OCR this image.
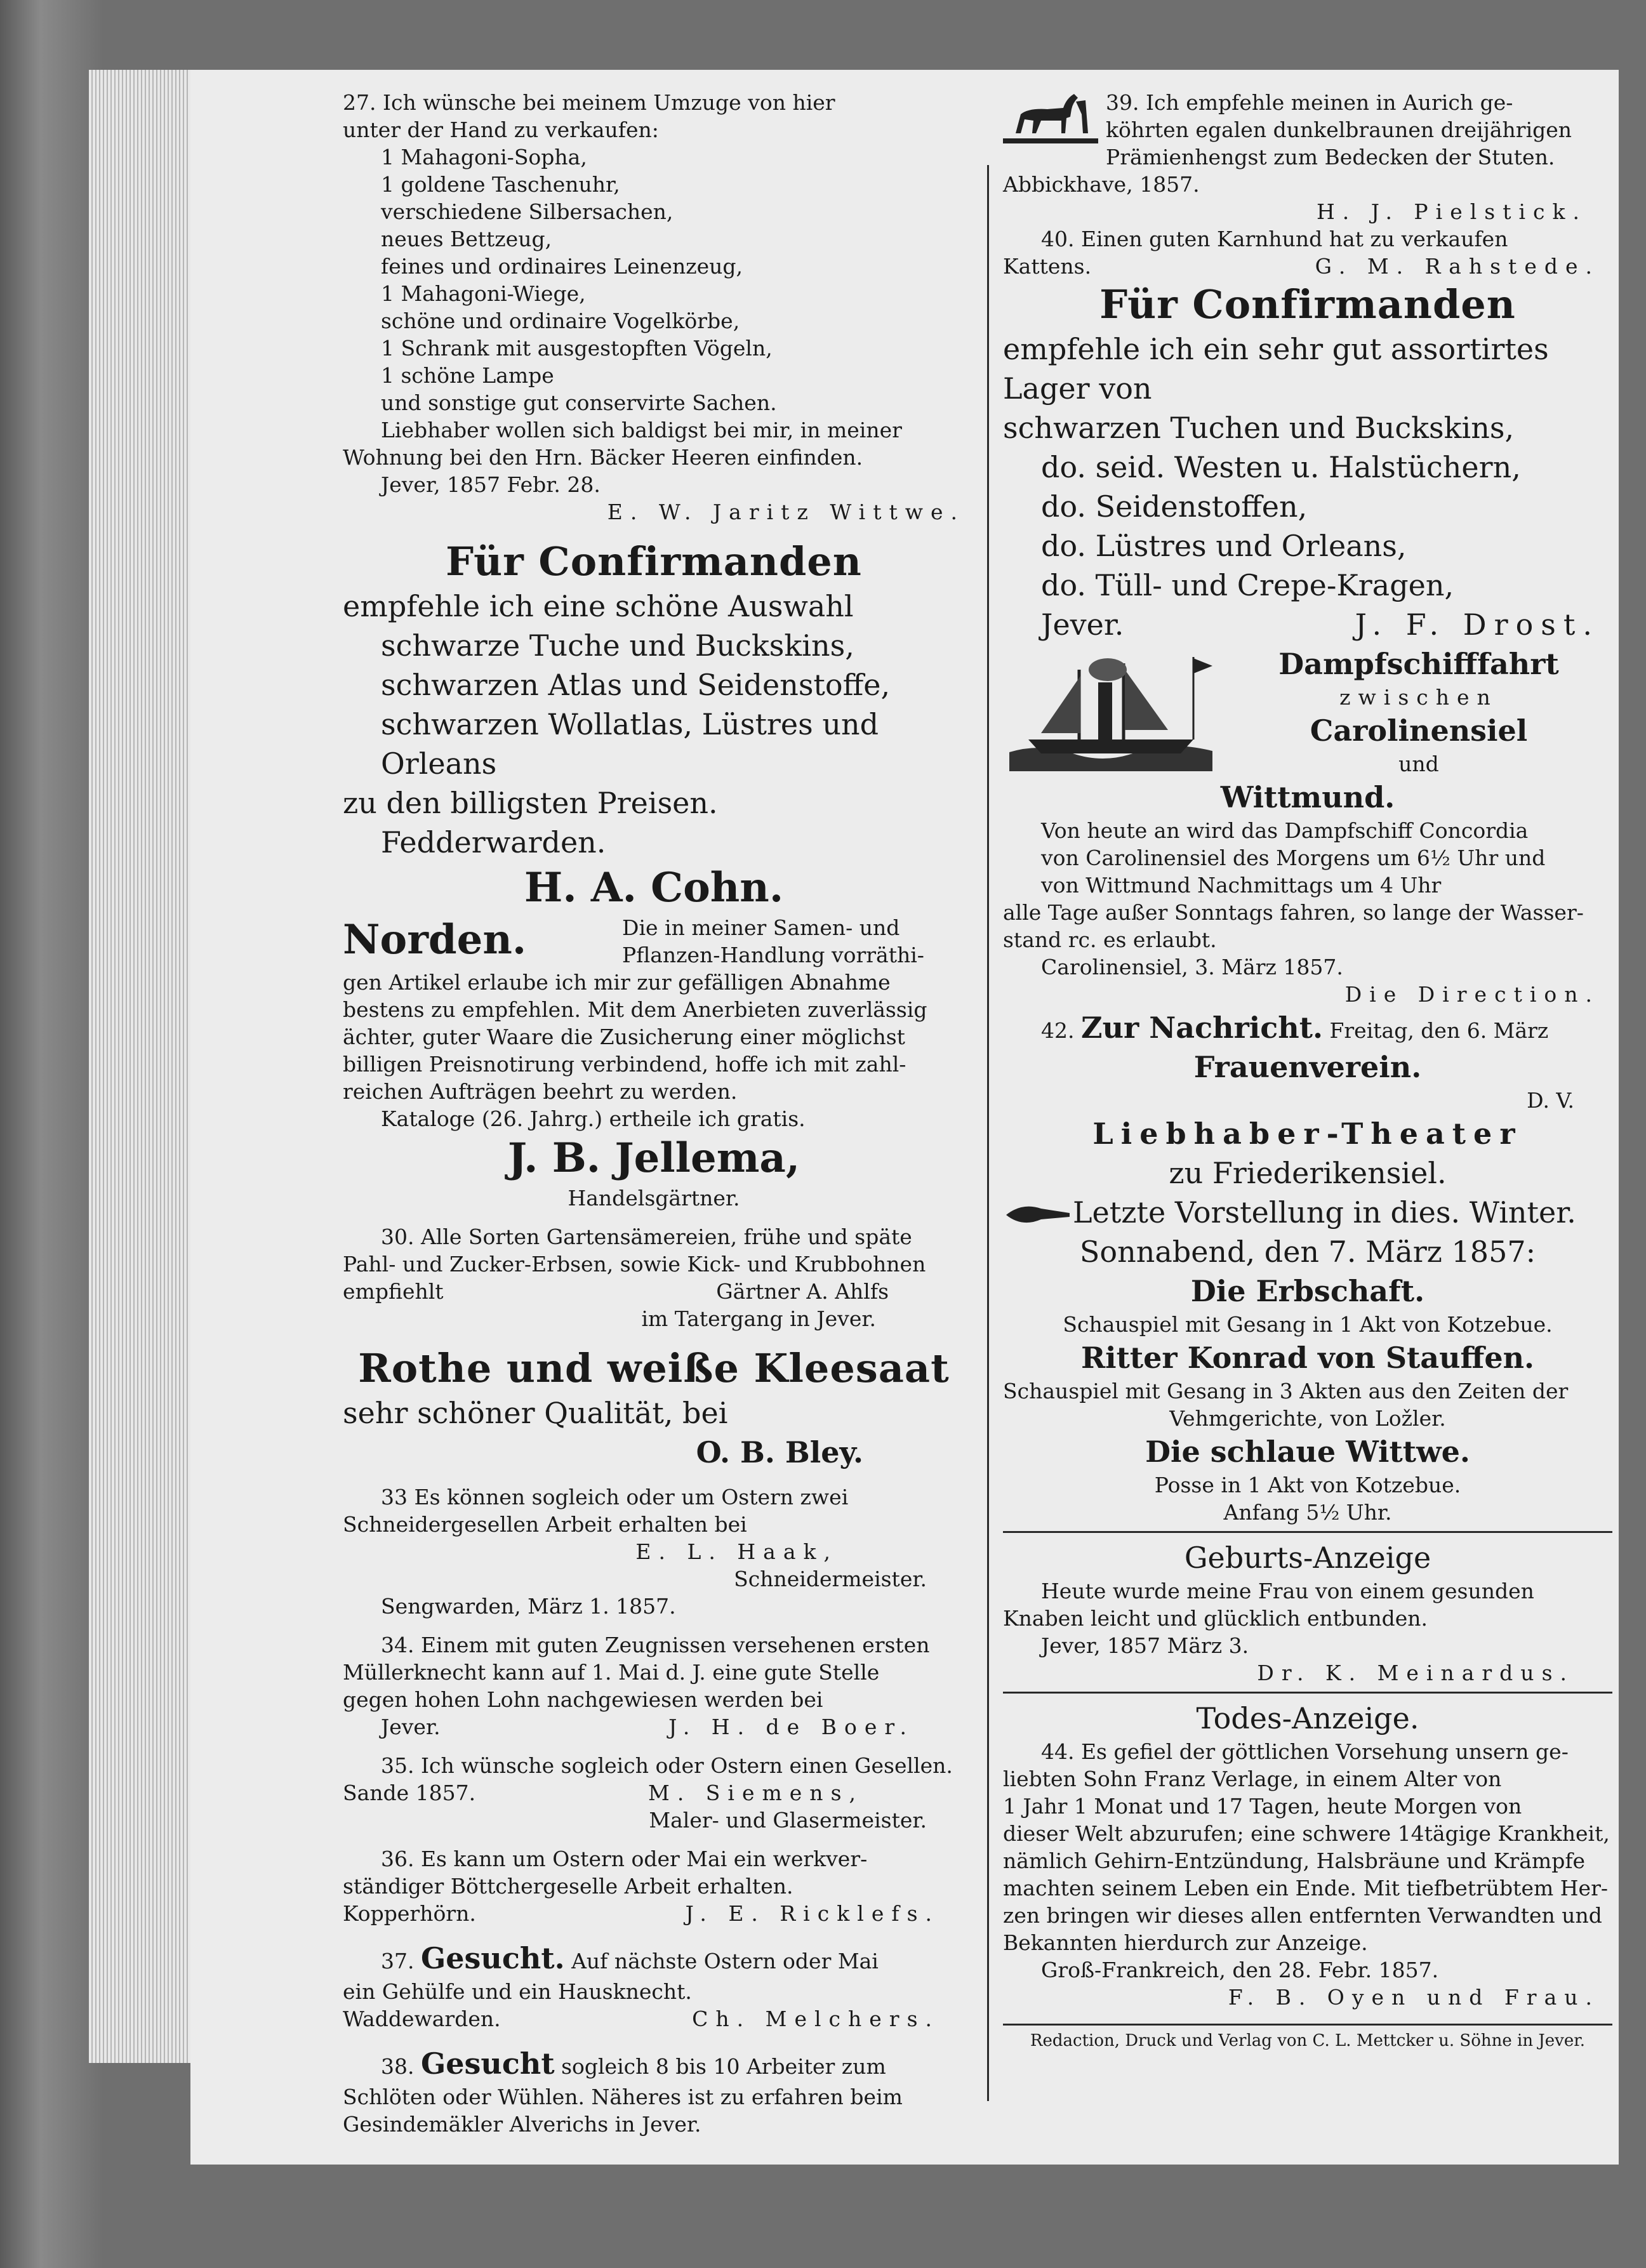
27. Ich wünsche bei meinem Umzuge von hier

unter der Hand zu verkaufen:

1 Mahagoni-Sopha,

1 goldene Taschenuhr,

verschiedene Silbersachen,

neues Bettzeug,

feines und ordinaires Leinenzeug,

1 Mahagoni-Wiege,

schöne und ordinaire Vogelkörbe,

1 Schrank mit ausgestopften Vögeln,

1 schöne Lampe

und sonstige gut conservirte Sachen.

Liebhaber wollen sich baldigst bei mir, in meiner

Wohnung bei den Hrn. Bäcker Heeren einfinden.

Jever, 1857 Febr. 28.

E. W. Jaritz Wittwe.

Für Confirmanden

empfehle ich eine schöne Auswahl

schwarze Tuche und Buckskins,

schwarzen Atlas und Seidenstoffe,

schwarzen Wollatlas, Lüstres und

Orleans

zu den billigsten Preisen.

Fedderwarden.

H. A. Cohn.

Norden.	Die in meiner Samen- und

Pflanzen-Handlung vorräthi-

gen Artikel erlaube ich mir zur gefälligen Abnahme

bestens zu empfehlen. Mit dem Anerbieten zuverlässig

ächter, guter Waare die Zusicherung einer möglichst

billigen Preisnotirung verbindend, hoffe ich mit zahl-

reichen Aufträgen beehrt zu werden.

Kataloge (26. Jahrg.) ertheile ich gratis.

J. B. Jellema,

Handelsgärtner.

30. Alle Sorten Gartensämereien, frühe und späte

Pahl- und Zucker-Erbsen, sowie Kick- und Krubbohnen

empfiehlt	Gärtner A. Ahlfs

im Tatergang in Jever.

Rothe und weiße Kleesaat

sehr schöner Qualität, bei

O. B. Bley.

33 Es können sogleich oder um Ostern zwei

Schneidergesellen Arbeit erhalten bei

E. L. Haak,

Schneidermeister.

Sengwarden, März 1. 1857.

34. Einem mit guten Zeugnissen versehenen ersten

Müllerknecht kann auf 1. Mai d. J. eine gute Stelle

gegen hohen Lohn nachgewiesen werden bei

Jever.	J. H. de Boer.

35. Ich wünsche sogleich oder Ostern einen Gesellen.

Sande 1857.	M. Siemens,

Maler- und Glasermeister.

36. Es kann um Ostern oder Mai ein werkver-

ständiger Böttchergeselle Arbeit erhalten.

Kopperhörn.	J. E. Ricklefs.

37. Gesucht. Auf nächste Ostern oder Mai

ein Gehülfe und ein Hausknecht.

Waddewarden.	Ch. Melchers.

38. Gesucht sogleich 8 bis 10 Arbeiter zum

Schlöten oder Wühlen. Näheres ist zu erfahren beim

Gesindemäkler Alverichs in Jever.

39. Ich empfehle meinen in Aurich ge-

köhrten egalen dunkelbraunen dreijährigen

Prämienhengst zum Bedecken der Stuten.

Abbickhave, 1857.

H. J. Pielstick.

40. Einen guten Karnhund hat zu verkaufen

Kattens.	G. M. Rahstede.

Für Confirmanden

empfehle ich ein sehr gut assortirtes

Lager von

schwarzen Tuchen und Buckskins,

do. seid. Westen u. Halstüchern,

do. Seidenstoffen,

do. Lüstres und Orleans,

do. Tüll- und Crepe-Kragen,

Jever.	J. F. Drost.

Dampfschifffahrt

zwischen

Carolinensiel

und

Wittmund.

Von heute an wird das Dampfschiff Concordia

von Carolinensiel des Morgens um 6½ Uhr und

von Wittmund Nachmittags um 4 Uhr

alle Tage außer Sonntags fahren, so lange der Wasser-

stand rc. es erlaubt.

Carolinensiel, 3. März 1857.

Die Direction.

42. Zur Nachricht. Freitag, den 6. März

Frauenverein.

D. V.

Liebhaber-Theater

zu Friederikensiel.

Letzte Vorstellung in dies. Winter.

Sonnabend, den 7. März 1857:

Die Erbschaft.

Schauspiel mit Gesang in 1 Akt von Kotzebue.

Ritter Konrad von Stauffen.

Schauspiel mit Gesang in 3 Akten aus den Zeiten der

Vehmgerichte, von Ložler.

Die schlaue Wittwe.

Posse in 1 Akt von Kotzebue.

Anfang 5½ Uhr.

Geburts-Anzeige

Heute wurde meine Frau von einem gesunden

Knaben leicht und glücklich entbunden.

Jever, 1857 März 3.

Dr. K. Meinardus.

Todes-Anzeige.

44. Es gefiel der göttlichen Vorsehung unsern ge-

liebten Sohn Franz Verlage, in einem Alter von

1 Jahr 1 Monat und 17 Tagen, heute Morgen von

dieser Welt abzurufen; eine schwere 14tägige Krankheit,

nämlich Gehirn-Entzündung, Halsbräune und Krämpfe

machten seinem Leben ein Ende. Mit tiefbetrübtem Her-

zen bringen wir dieses allen entfernten Verwandten und

Bekannten hierdurch zur Anzeige.

Groß-Frankreich, den 28. Febr. 1857.

F. B. Oyen und Frau.

Redaction, Druck und Verlag von C. L. Mettcker u. Söhne in Jever.
